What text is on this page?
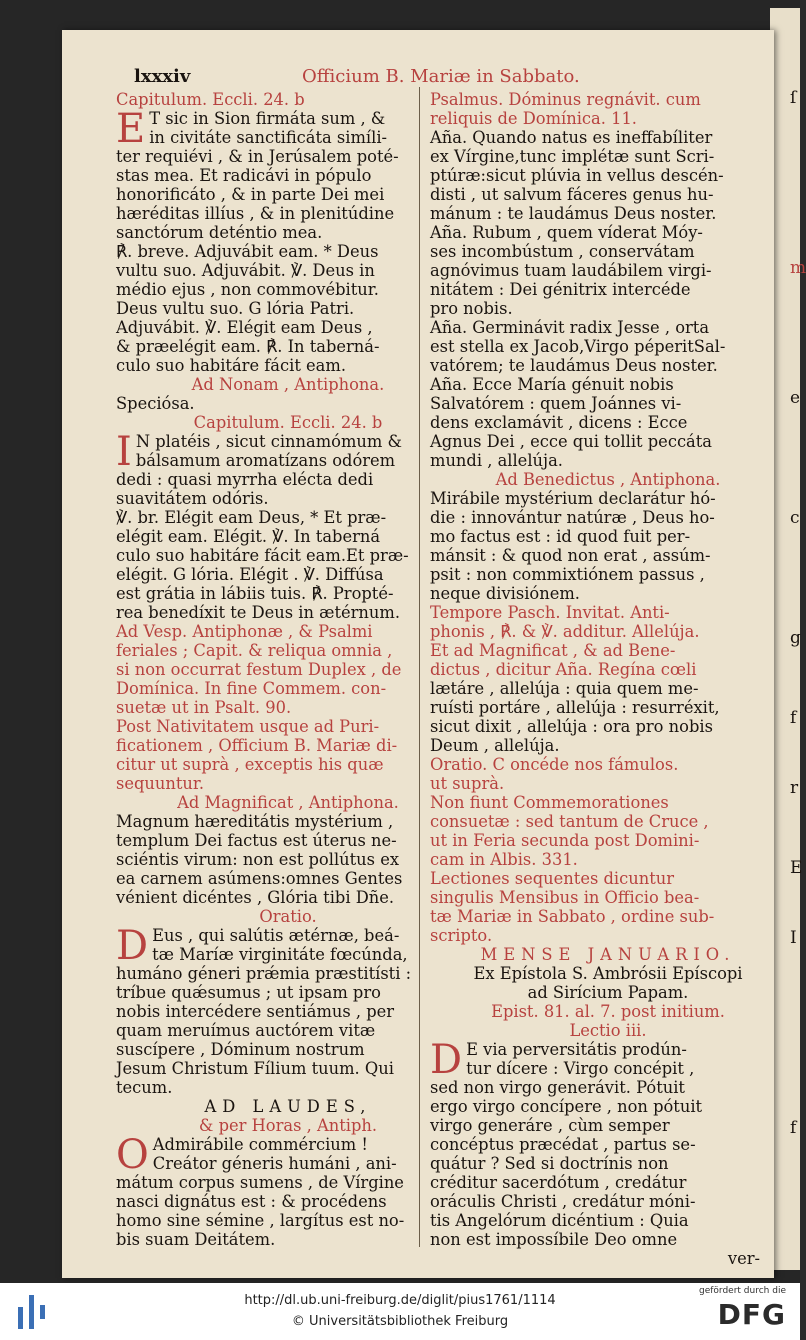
ſ
m
e
c
g
f
r
E
I
f
lxxxiv	Officium B. Mariæ in Sabbato.
Capitulum. Eccli. 24. b
E T sic in Sion firmáta sum , &
in civitáte sanctificáta simíli-
ter requiévi , & in Jerúsalem poté-
stas mea. Et radicávi in pópulo
honorificáto , & in parte Dei mei
hæréditas illíus , & in plenitúdine
sanctórum deténtio mea.
℟. breve. Adjuvábit eam. * Deus
vultu suo. Adjuvábit. ℣. Deus in
médio ejus , non commovébitur.
Deus vultu suo. G lória Patri.
Adjuvábit. ℣. Elégit eam Deus ,
& præelégit eam. ℟. In taberná-
culo suo habitáre fácit eam.
Ad Nonam , Antiphona.
Speciósa.
Capitulum. Eccli. 24. b
I N platéis , sicut cinnamómum &
bálsamum aromatízans odórem
dedi : quasi myrrha elécta dedi
suavitátem odóris.
℣. br. Elégit eam Deus, * Et præ-
elégit eam. Elégit. ℣. In taberná
culo suo habitáre fácit eam.Et præ-
elégit. G lória. Elégit . ℣. Diffúsa
est grátia in lábiis tuis. ℟. Propté-
rea benedíxit te Deus in ætérnum.
Ad Vesp. Antiphonæ , & Psalmi
feriales ; Capit. & reliqua omnia ,
si non occurrat festum Duplex , de
Domínica. In fine Commem. con-
suetæ ut in Psalt. 90.
Post Nativitatem usque ad Puri-
ficationem , Officium B. Mariæ di-
citur ut suprà , exceptis his quæ
sequuntur.
Ad Magnificat , Antiphona.
Magnum hæreditátis mystérium ,
templum Dei factus est úterus ne-
sciéntis virum: non est pollútus ex
ea carnem asúmens:omnes Gentes
vénient dicéntes , Glória tibi Dñe.
Oratio.
D Eus , qui salútis ætérnæ, beá-
tæ Maríæ virginitáte fœcúnda,
humáno géneri prǽmia præstitísti :
tríbue quǽsumus ; ut ipsam pro
nobis intercédere sentiámus , per
quam meruímus auctórem vitæ
suscípere , Dóminum nostrum
Jesum Christum Fílium tuum. Qui
tecum.
AD LAUDES,
& per Horas , Antiph.
O Admirábile commércium !
Creátor géneris humáni , ani-
mátum corpus sumens , de Vírgine
nasci dignátus est : & procédens
homo sine sémine , largítus est no-
bis suam Deitátem.
Psalmus. Dóminus regnávit. cum
reliquis de Domínica. 11.
Aña. Quando natus es ineffabíliter
ex Vírgine,tunc implétæ sunt Scri-
ptúræ:sicut plúvia in vellus descén-
disti , ut salvum fáceres genus hu-
mánum : te laudámus Deus noster.
Aña. Rubum , quem víderat Móy-
ses incombústum , conservátam
agnóvimus tuam laudábilem virgi-
nitátem : Dei génitrix intercéde
pro nobis.
Aña. Germinávit radix Jesse , orta
est stella ex Jacob,Virgo péperitSal-
vatórem; te laudámus Deus noster.
Aña. Ecce María génuit nobis
Salvatórem : quem Joánnes vi-
dens exclamávit , dicens : Ecce
Agnus Dei , ecce qui tollit peccáta
mundi , allelúja.
Ad Benedictus , Antiphona.
Mirábile mystérium declarátur hó-
die : innovántur natúræ , Deus ho-
mo factus est : id quod fuit per-
mánsit : & quod non erat , assúm-
psit : non commixtiónem passus ,
neque divisiónem.
Tempore Pasch. Invitat. Anti-
phonis , ℟. & ℣. additur. Allelúja.
Et ad Magnificat , & ad Bene-
dictus , dicitur Aña. Regína cœli
lætáre , allelúja : quia quem me-
ruísti portáre , allelúja : resurréxit,
sicut dixit , allelúja : ora pro nobis
Deum , allelúja.
Oratio. C oncéde nos fámulos.
ut suprà.
Non fiunt Commemorationes
consuetæ : sed tantum de Cruce ,
ut in Feria secunda post Domini-
cam in Albis. 331.
Lectiones sequentes dicuntur
singulis Mensibus in Officio bea-
tæ Mariæ in Sabbato , ordine sub-
scripto.
MENSE JANUARIO.
Ex Epístola S. Ambrósii Epíscopi
ad Sirícium Papam.
Epist. 81. al. 7. post initium.
Lectio iii.
D E via perversitátis prodún-
tur dícere : Virgo concépit ,
sed non virgo generávit. Pótuit
ergo virgo concípere , non pótuit
virgo generáre , cùm semper
concéptus præcédat , partus se-
quátur ? Sed si doctrínis non
créditur sacerdótum , credátur
oráculis Christi , credátur móni-
tis Angelórum dicéntium : Quia
non est impossíbile Deo omne
ver-
http://dl.ub.uni-freiburg.de/diglit/pius1761/1114
© Universitätsbibliothek Freiburg
gefördert durch die
DFG
